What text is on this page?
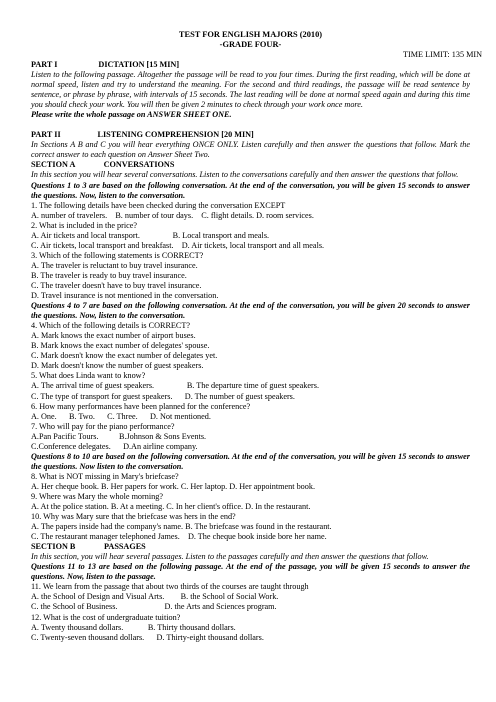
TEST FOR ENGLISH MAJORS (2010)
-GRADE FOUR-
TIME LIMIT: 135 MIN
PART I                    DICTATION [15 MIN]
Listen to the following passage. Altogether the passage will be read to you four times. During the first reading, which will be done at normal speed, listen and try to understand the meaning. For the second and third readings, the passage will be read sentence by sentence, or phrase by phrase, with intervals of 15 seconds. The last reading will be done at normal speed again and during this time you should check your work. You will then be given 2 minutes to check through your work once more.
Please write the whole passage on ANSWER SHEET ONE.
PART II                  LISTENING COMPREHENSION [20 MIN]
In Sections A B and C you will hear everything ONCE ONLY. Listen carefully and then answer the questions that follow. Mark the correct answer to each question on Answer Sheet Two.
SECTION A              CONVERSATIONS
In this section you will hear several conversations. Listen to the conversations carefully and then answer the questions that follow.
Questions 1 to 3 are based on the following conversation. At the end of the conversation, you will be given 15 seconds to answer the questions. Now, listen to the conversation.
1. The following details have been checked during the conversation EXCEPT
A. number of travelers.    B. number of tour days.    C. flight details. D. room services.
2. What is included in the price?
A. Air tickets and local transport.                B. Local transport and meals.
C. Air tickets, local transport and breakfast.    D. Air tickets, local transport and all meals.
3. Which of the following statements is CORRECT?
A. The traveler is reluctant to buy travel insurance.
B. The traveler is ready to buy travel insurance.
C. The traveler doesn't have to buy travel insurance.
D. Travel insurance is not mentioned in the conversation.
Questions 4 to 7 are based on the following conversation. At the end of the conversation, you will be given 20 seconds to answer the questions. Now, listen to the conversation.
4. Which of the following details is CORRECT?
A. Mark knows the exact number of airport buses.
B. Mark knows the exact number of delegates' spouse.
C. Mark doesn't know the exact number of delegates yet.
D. Mark doesn't know the number of guest speakers.
5. What does Linda want to know?
A. The arrival time of guest speakers.                B. The departure time of guest speakers.
C. The type of transport for guest speakers.      D. The number of guest speakers.
6. How many performances have been planned for the conference?
A. One.      B. Two.      C. Three.      D. Not mentioned.
7. Who will pay for the piano performance?
A.Pan Pacific Tours.          B.Johnson & Sons Events.
C.Conference delegates.      D.An airline company.
Questions 8 to 10 are based on the following conversation. At the end of the conversation, you will be given 15 seconds to answer the questions. Now listen to the conversation.
8. What is NOT missing in Mary's briefcase?
A. Her cheque book. B. Her papers for work. C. Her laptop. D. Her appointment book.
9. Where was Mary the whole morning?
A. At the police station. B. At a meeting. C. In her client's office. D. In the restaurant.
10. Why was Mary sure that the briefcase was hers in the end?
A. The papers inside had the company's name. B. The briefcase was found in the restaurant.
C. The restaurant manager telephoned James.    D. The cheque book inside bore her name.
SECTION B              PASSAGES
In this section, you will hear several passages. Listen to the passages carefully and then answer the questions that follow.
Questions 11 to 13 are based on the following passage. At the end of the passage, you will be given 15 seconds to answer the questions. Now, listen to the passage.
11. We learn from the passage that about two thirds of the courses are taught through
A. the School of Design and Visual Arts.        B. the School of Social Work.
C. the School of Business.                       D. the Arts and Sciences program.
12. What is the cost of undergraduate tuition?
A. Twenty thousand dollars.            B. Thirty thousand dollars.
C. Twenty-seven thousand dollars.      D. Thirty-eight thousand dollars.
